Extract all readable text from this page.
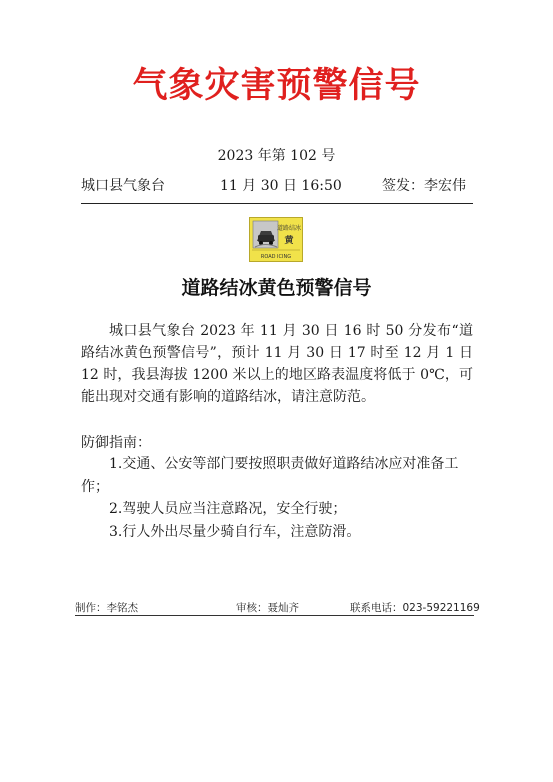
气象灾害预警信号
2023 年第 102 号
城口县气象台	11 月 30 日 16:50	签发：李宏伟
道路结冰
黄
ROAD ICING
道路结冰黄色预警信号
城口县气象台 2023 年 11 月 30 日 16 时 50 分发布“道路结冰黄色预警信号”，预计 11 月 30 日 17 时至 12 月 1 日 12 时，我县海拔 1200 米以上的地区路表温度将低于 0℃，可能出现对交通有影响的道路结冰，请注意防范。
防御指南：
1.交通、公安等部门要按照职责做好道路结冰应对准备工作；
2.驾驶人员应当注意路况，安全行驶；
3.行人外出尽量少骑自行车，注意防滑。
制作：李铭杰	审核：聂灿齐	联系电话：023-59221169
